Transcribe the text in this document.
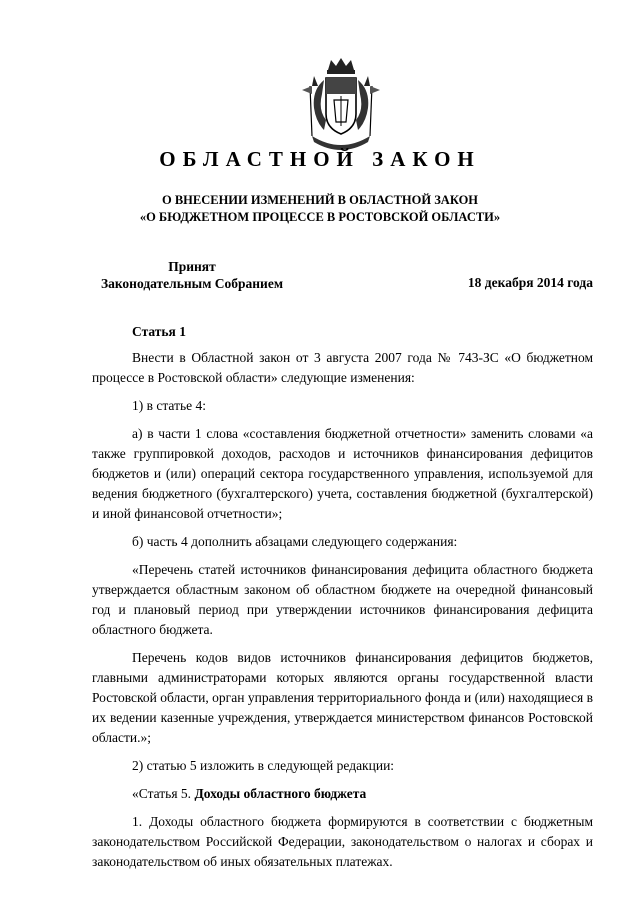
ОБЛАСТНОЙ ЗАКОН
О ВНЕСЕНИИ ИЗМЕНЕНИЙ В ОБЛАСТНОЙ ЗАКОН
«О БЮДЖЕТНОМ ПРОЦЕССЕ В РОСТОВСКОЙ ОБЛАСТИ»
Принят
Законодательным Собранием	18 декабря 2014 года

Статья 1

Внести в Областной закон от 3 августа 2007 года № 743-ЗС «О бюджетном процессе в Ростовской области» следующие изменения:

1) в статье 4:

а) в части 1 слова «составления бюджетной отчетности» заменить словами «а также группировкой доходов, расходов и источников финансирования дефицитов бюджетов и (или) операций сектора государственного управления, используемой для ведения бюджетного (бухгалтерского) учета, составления бюджетной (бухгалтерской) и иной финансовой отчетности»;

б) часть 4 дополнить абзацами следующего содержания:

«Перечень статей источников финансирования дефицита областного бюджета утверждается областным законом об областном бюджете на очередной финансовый год и плановый период при утверждении источников финансирования дефицита областного бюджета.

Перечень кодов видов источников финансирования дефицитов бюджетов, главными администраторами которых являются органы государственной власти Ростовской области, орган управления территориального фонда и (или) находящиеся в их ведении казенные учреждения, утверждается министерством финансов Ростовской области.»;

2) статью 5 изложить в следующей редакции:

«Статья 5. Доходы областного бюджета

1. Доходы областного бюджета формируются в соответствии с бюджетным законодательством Российской Федерации, законодательством о налогах и сборах и законодательством об иных обязательных платежах.
